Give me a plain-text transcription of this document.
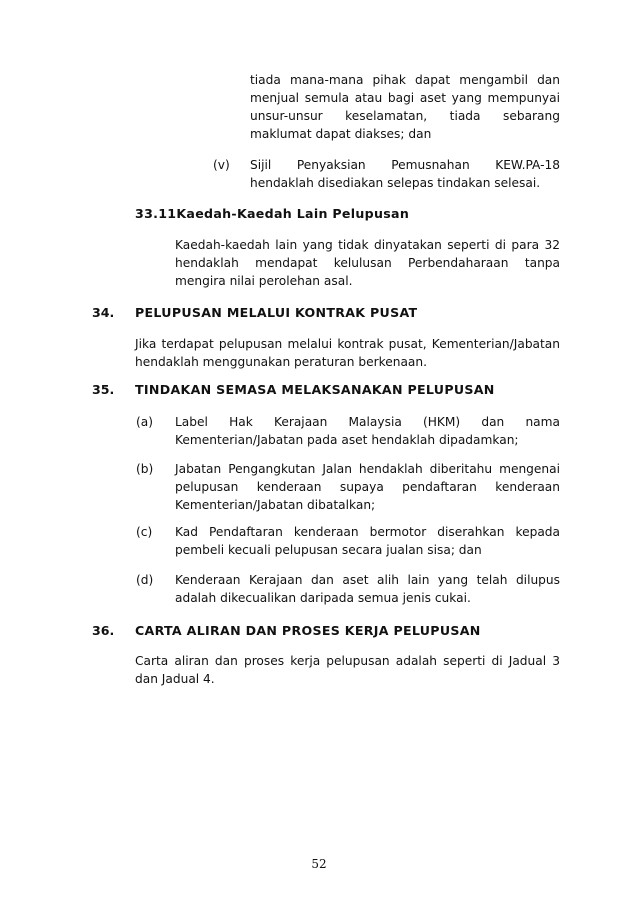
tiada mana-mana pihak dapat mengambil dan menjual semula atau bagi aset yang mempunyai unsur-unsur keselamatan, tiada sebarang maklumat dapat diakses; dan
(v) Sijil Penyaksian Pemusnahan KEW.PA-18 hendaklah disediakan selepas tindakan selesai.
33.11Kaedah-Kaedah Lain Pelupusan
Kaedah-kaedah lain yang tidak dinyatakan seperti di para 32 hendaklah mendapat kelulusan Perbendaharaan tanpa mengira nilai perolehan asal.
34. PELUPUSAN MELALUI KONTRAK PUSAT
Jika terdapat pelupusan melalui kontrak pusat, Kementerian/Jabatan hendaklah menggunakan peraturan berkenaan.
35. TINDAKAN SEMASA MELAKSANAKAN PELUPUSAN
(a) Label Hak Kerajaan Malaysia (HKM) dan nama Kementerian/Jabatan pada aset hendaklah dipadamkan;
(b) Jabatan Pengangkutan Jalan hendaklah diberitahu mengenai pelupusan kenderaan supaya pendaftaran kenderaan Kementerian/Jabatan dibatalkan;
(c) Kad Pendaftaran kenderaan bermotor diserahkan kepada pembeli kecuali pelupusan secara jualan sisa; dan
(d) Kenderaan Kerajaan dan aset alih lain yang telah dilupus adalah dikecualikan daripada semua jenis cukai.
36. CARTA ALIRAN DAN PROSES KERJA PELUPUSAN
Carta aliran dan proses kerja pelupusan adalah seperti di Jadual 3 dan Jadual 4.
52
